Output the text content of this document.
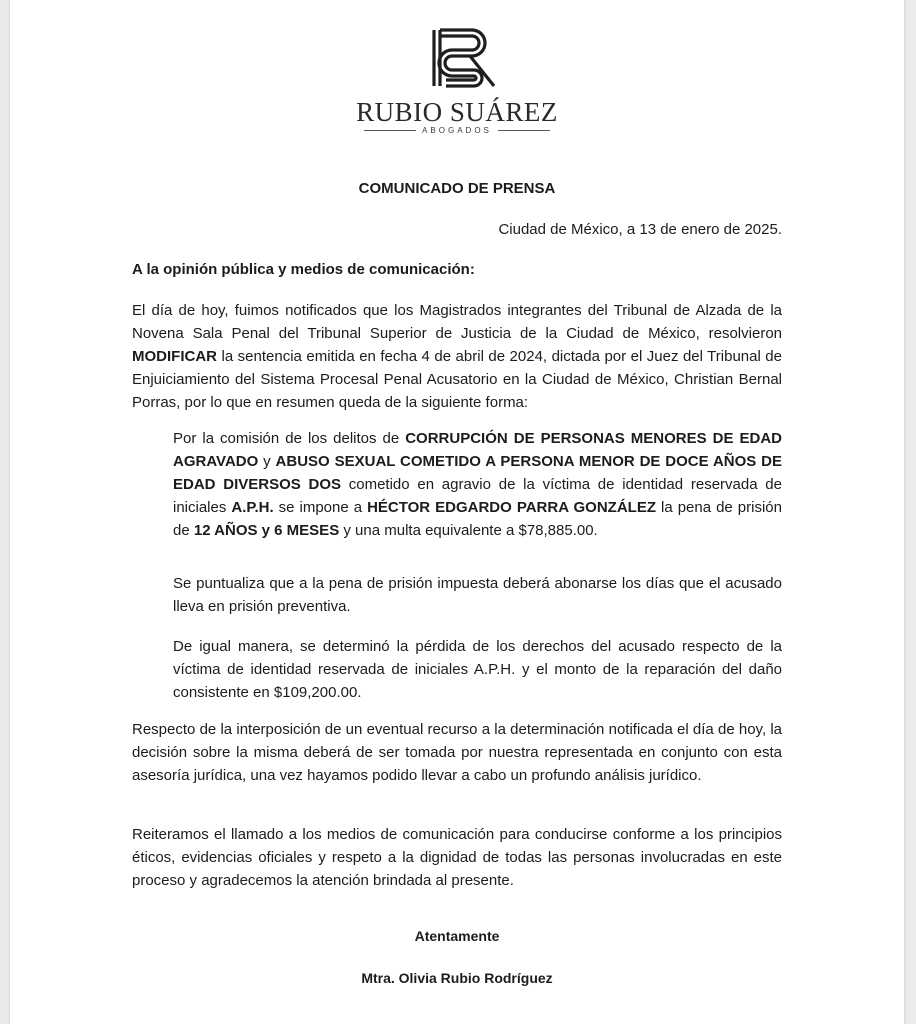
RUBIO SUÁREZ
ABOGADOS
COMUNICADO DE PRENSA
Ciudad de México, a 13 de enero de 2025.
A la opinión pública y medios de comunicación:
El día de hoy, fuimos notificados que los Magistrados integrantes del Tribunal de Alzada de la Novena Sala Penal del Tribunal Superior de Justicia de la Ciudad de México, resolvieron MODIFICAR la sentencia emitida en fecha 4 de abril de 2024, dictada por el Juez del Tribunal de Enjuiciamiento del Sistema Procesal Penal Acusatorio en la Ciudad de México, Christian Bernal Porras, por lo que en resumen queda de la siguiente forma:
Por la comisión de los delitos de CORRUPCIÓN DE PERSONAS MENORES DE EDAD AGRAVADO y ABUSO SEXUAL COMETIDO A PERSONA MENOR DE DOCE AÑOS DE EDAD DIVERSOS DOS cometido en agravio de la víctima de identidad reservada de iniciales A.P.H. se impone a HÉCTOR EDGARDO PARRA GONZÁLEZ la pena de prisión de 12 AÑOS y 6 MESES y una multa equivalente a $78,885.00.
Se puntualiza que a la pena de prisión impuesta deberá abonarse los días que el acusado lleva en prisión preventiva.
De igual manera, se determinó la pérdida de los derechos del acusado respecto de la víctima de identidad reservada de iniciales A.P.H. y el monto de la reparación del daño consistente en $109,200.00.
Respecto de la interposición de un eventual recurso a la determinación notificada el día de hoy, la decisión sobre la misma deberá de ser tomada por nuestra representada en conjunto con esta asesoría jurídica, una vez hayamos podido llevar a cabo un profundo análisis jurídico.
Reiteramos el llamado a los medios de comunicación para conducirse conforme a los principios éticos, evidencias oficiales y respeto a la dignidad de todas las personas involucradas en este proceso y agradecemos la atención brindada al presente.
Atentamente
Mtra. Olivia Rubio Rodríguez
